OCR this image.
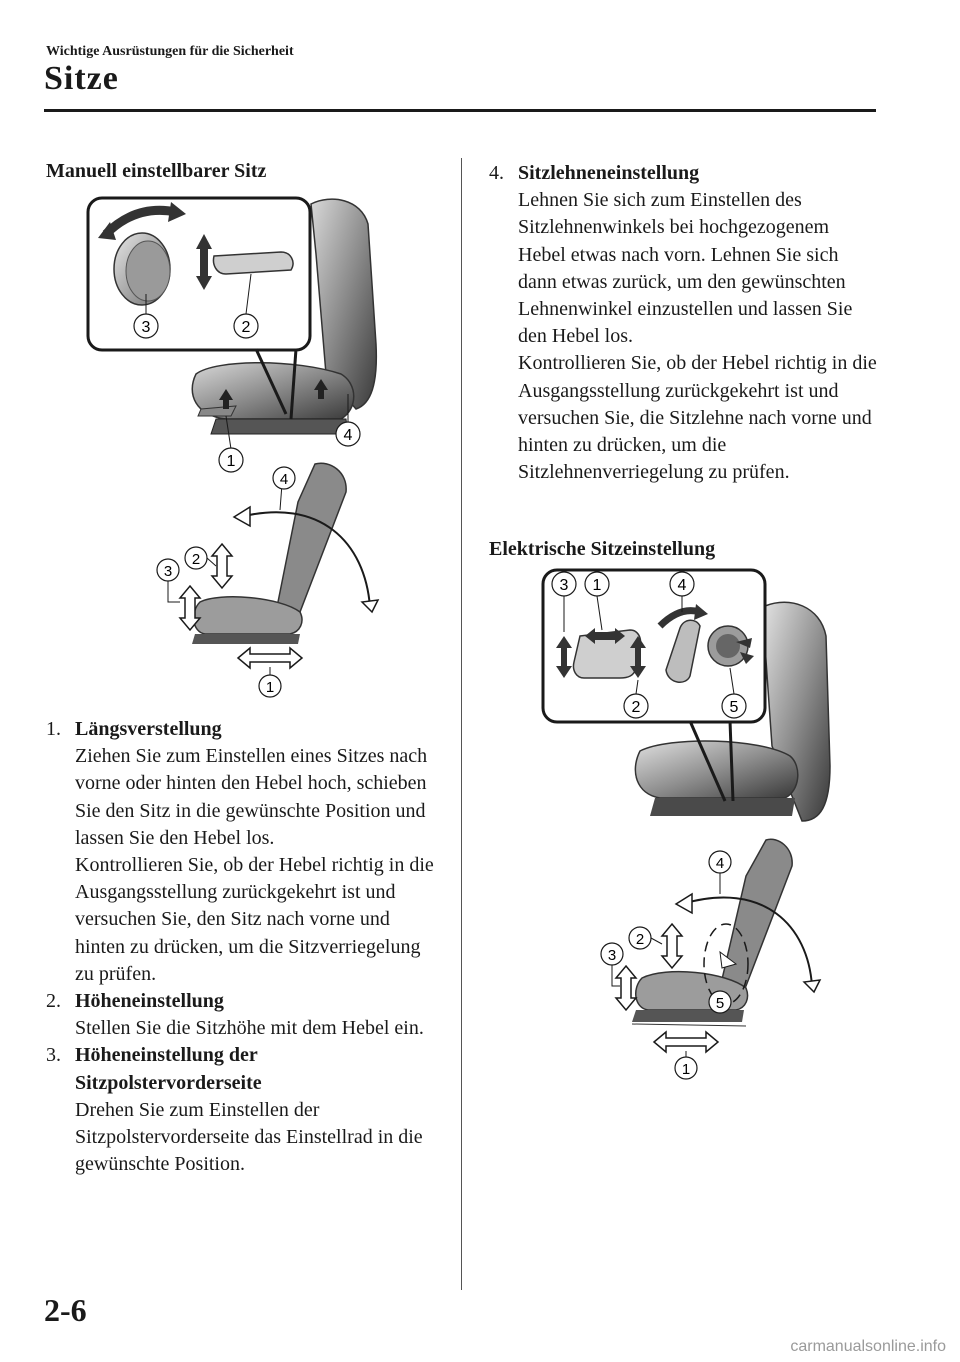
Wichtige Ausrüstungen für die Sicherheit
Sitze
Manuell einstellbarer Sitz
3	2
1
4
4
2
3
1
1. Längsverstellung

Ziehen Sie zum Einstellen eines Sitzes nach vorne oder hinten den Hebel hoch, schieben Sie den Sitz in die gewünschte Position und lassen Sie den Hebel los.

Kontrollieren Sie, ob der Hebel richtig in die Ausgangsstellung zurückgekehrt ist und versuchen Sie, den Sitz nach vorne und hinten zu drücken, um die Sitzverriegelung zu prüfen.

2. Höheneinstellung

Stellen Sie die Sitzhöhe mit dem Hebel ein.

3. Höheneinstellung der Sitzpolstervorderseite

Drehen Sie zum Einstellen der Sitzpolstervorderseite das Einstellrad in die gewünschte Position.

4. Sitzlehneneinstellung

Lehnen Sie sich zum Einstellen des Sitzlehnenwinkels bei hochgezogenem Hebel etwas nach vorn. Lehnen Sie sich dann etwas zurück, um den gewünschten Lehnenwinkel einzustellen und lassen Sie den Hebel los.

Kontrollieren Sie, ob der Hebel richtig in die Ausgangsstellung zurückgekehrt ist und versuchen Sie, die Sitzlehne nach vorne und hinten zu drücken, um die Sitzlehnenverriegelung zu prüfen.

Elektrische Sitzeinstellung
3 1	4
2	5
4
5
2
3
1
2-6
carmanualsonline.info
